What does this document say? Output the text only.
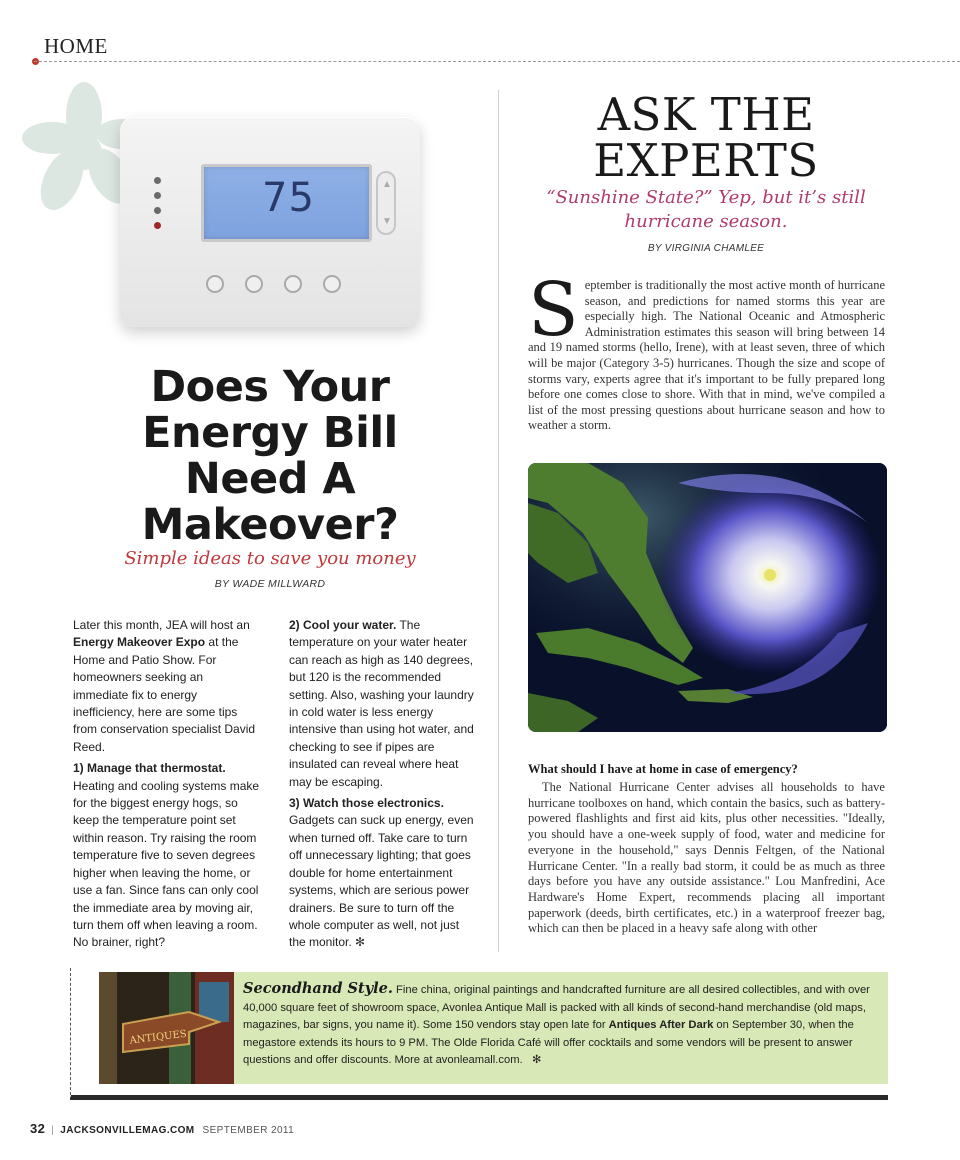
HOME
75	▲
▼
Does Your Energy Bill Need A Makeover?
Simple ideas to save you money
BY WADE MILLWARD

Later this month, JEA will host an Energy Makeover Expo at the Home and Patio Show. For homeowners seeking an immediate fix to energy inefficiency, here are some tips from conservation specialist David Reed.

1) Manage that thermostat.
Heating and cooling systems make for the biggest energy hogs, so keep the temperature point set within reason. Try raising the room temperature five to seven degrees higher when leaving the home, or use a fan. Since fans can only cool the immediate area by moving air, turn them off when leaving a room. No brainer, right?

2) Cool your water. The temperature on your water heater can reach as high as 140 degrees, but 120 is the recommended setting. Also, washing your laundry in cold water is less energy intensive than using hot water, and checking to see if pipes are insulated can reveal where heat may be escaping.

3) Watch those electronics. Gadgets can suck up energy, even when turned off. Take care to turn off unnecessary lighting; that goes double for home entertainment systems, which are serious power drainers. Be sure to turn off the whole computer as well, not just the monitor. ✻

ASK THE EXPERTS
“Sunshine State?” Yep, but it’s still hurricane season.
BY VIRGINIA CHAMLEE
September is traditionally the most active month of hurricane season, and predictions for named storms this year are especially high. The National Oceanic and Atmospheric Administration estimates this season will bring between 14 and 19 named storms (hello, Irene), with at least seven, three of which will be major (Category 3-5) hurricanes. Though the size and scope of storms vary, experts agree that it's important to be fully prepared long before one comes close to shore. With that in mind, we've compiled a list of the most pressing questions about hurricane season and how to weather a storm.
What should I have at home in case of emergency?
The National Hurricane Center advises all households to have hurricane toolboxes on hand, which contain the basics, such as battery-powered flashlights and first aid kits, plus other necessities. "Ideally, you should have a one-week supply of food, water and medicine for everyone in the household," says Dennis Feltgen, of the National Hurricane Center. "In a really bad storm, it could be as much as three days before you have any outside assistance." Lou Manfredini, Ace Hardware's Home Expert, recommends placing all important paperwork (deeds, birth certificates, etc.) in a waterproof freezer bag, which can then be placed in a heavy safe along with other
ANTIQUES
Secondhand Style. Fine china, original paintings and handcrafted furniture are all desired collectibles, and with over 40,000 square feet of showroom space, Avonlea Antique Mall is packed with all kinds of second-hand merchandise (old maps, magazines, bar signs, you name it). Some 150 vendors stay open late for Antiques After Dark on September 30, when the megastore extends its hours to 9 PM. The Olde Florida Café will offer cocktails and some vendors will be present to answer questions and offer discounts. More at avonleamall.com. ✻
32 | JACKSONVILLEMAG.COM SEPTEMBER 2011
